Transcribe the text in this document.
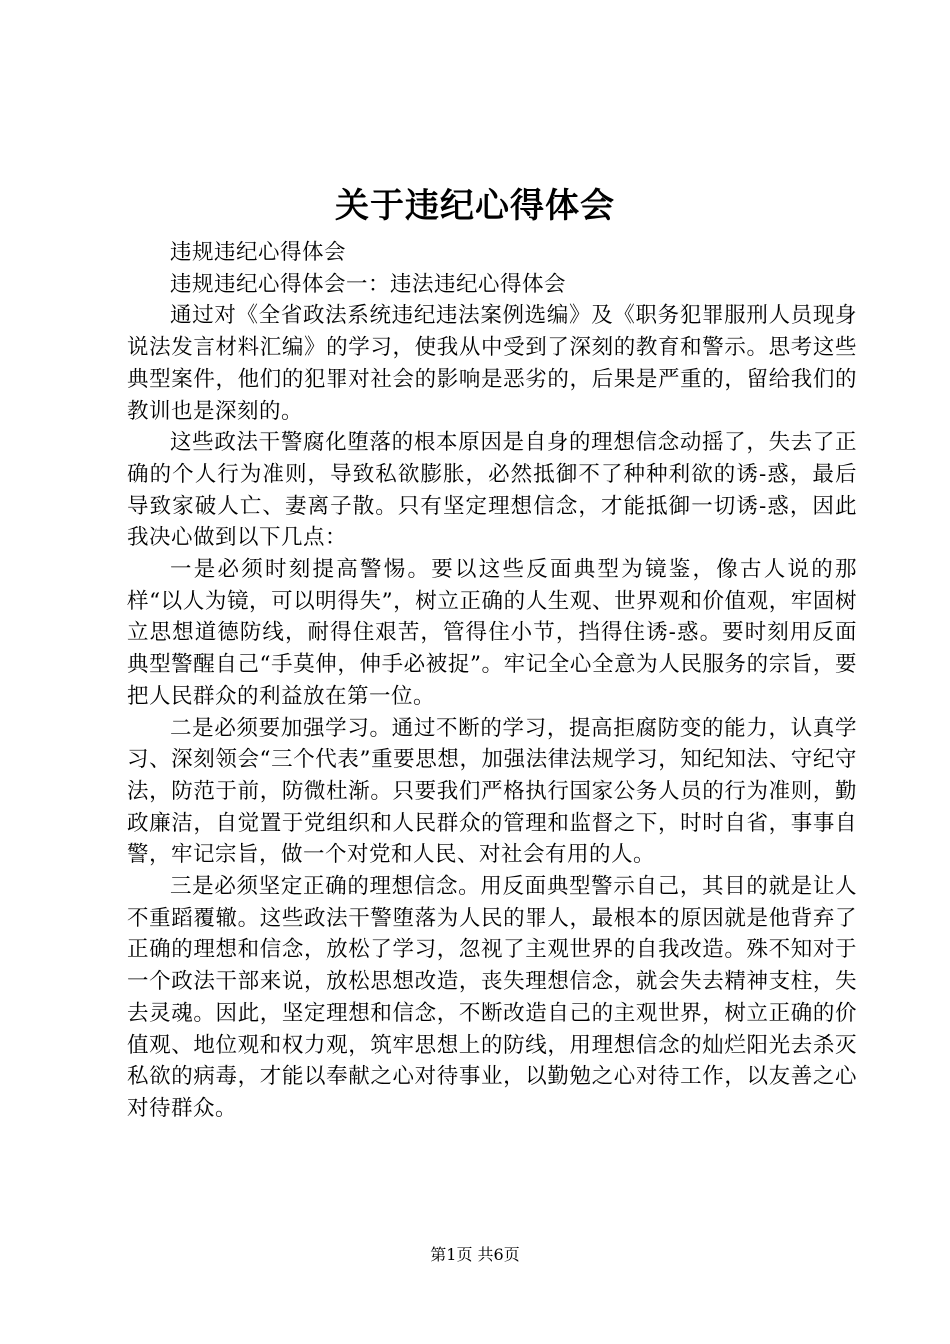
关于违纪心得体会

违规违纪心得体会

违规违纪心得体会一：违法违纪心得体会

通过对《全省政法系统违纪违法案例选编》及《职务犯罪服刑人员现身说法发言材料汇编》的学习，使我从中受到了深刻的教育和警示。思考这些典型案件，他们的犯罪对社会的影响是恶劣的，后果是严重的，留给我们的教训也是深刻的。

这些政法干警腐化堕落的根本原因是自身的理想信念动摇了，失去了正确的个人行为准则，导致私欲膨胀，必然抵御不了种种利欲的诱-惑，最后导致家破人亡、妻离子散。只有坚定理想信念，才能抵御一切诱-惑，因此我决心做到以下几点：

一是必须时刻提高警惕。要以这些反面典型为镜鉴，像古人说的那样“以人为镜，可以明得失”，树立正确的人生观、世界观和价值观，牢固树立思想道德防线，耐得住艰苦，管得住小节，挡得住诱-惑。要时刻用反面典型警醒自己“手莫伸，伸手必被捉”。牢记全心全意为人民服务的宗旨，要把人民群众的利益放在第一位。

二是必须要加强学习。通过不断的学习，提高拒腐防变的能力，认真学习、深刻领会“三个代表”重要思想，加强法律法规学习，知纪知法、守纪守法，防范于前，防微杜渐。只要我们严格执行国家公务人员的行为准则，勤政廉洁，自觉置于党组织和人民群众的管理和监督之下，时时自省，事事自警，牢记宗旨，做一个对党和人民、对社会有用的人。

三是必须坚定正确的理想信念。用反面典型警示自己，其目的就是让人不重蹈覆辙。这些政法干警堕落为人民的罪人，最根本的原因就是他背弃了正确的理想和信念，放松了学习，忽视了主观世界的自我改造。殊不知对于一个政法干部来说，放松思想改造，丧失理想信念，就会失去精神支柱，失去灵魂。因此，坚定理想和信念，不断改造自己的主观世界，树立正确的价值观、地位观和权力观，筑牢思想上的防线，用理想信念的灿烂阳光去杀灭私欲的病毒，才能以奉献之心对待事业，以勤勉之心对待工作，以友善之心对待群众。

第1页 共6页
